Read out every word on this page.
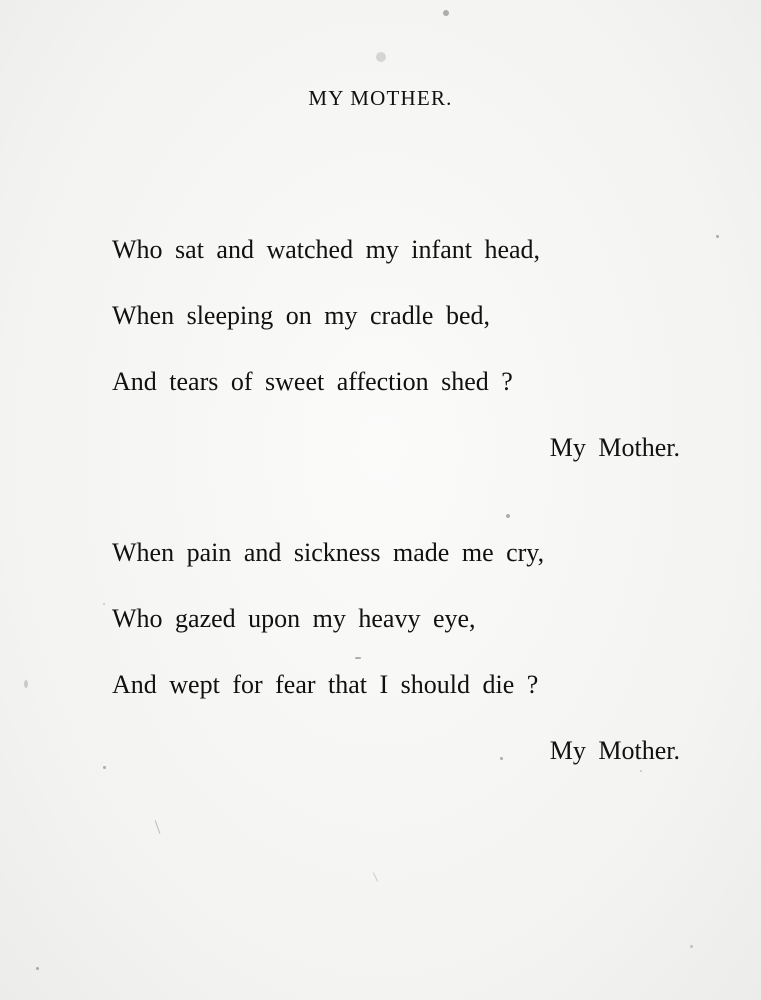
MY MOTHER.
Who sat and watched my infant head,
When sleeping on my cradle bed,
And tears of sweet affection shed ?
My Mother.
When pain and sickness made me cry,
Who gazed upon my heavy eye,
And wept for fear that I should die ?
My Mother.
